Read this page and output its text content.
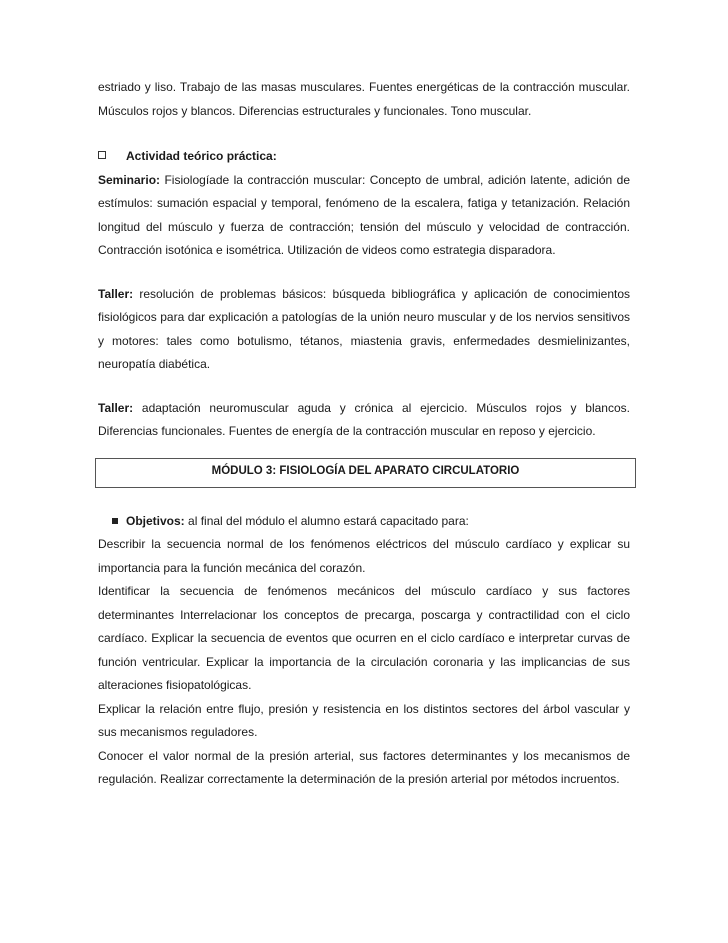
estriado y liso. Trabajo de las masas musculares. Fuentes energéticas de la contracción muscular. Músculos rojos y blancos. Diferencias estructurales y funcionales. Tono muscular.

Actividad teórico práctica:

Seminario: Fisiologíade la contracción muscular: Concepto de umbral, adición latente, adición de estímulos: sumación espacial y temporal, fenómeno de la escalera, fatiga y tetanización. Relación longitud del músculo y fuerza de contracción; tensión del músculo y velocidad de contracción. Contracción isotónica e isométrica. Utilización de videos como estrategia disparadora.

Taller: resolución de problemas básicos: búsqueda bibliográfica y aplicación de conocimientos fisiológicos para dar explicación a patologías de la unión neuro muscular y de los nervios sensitivos y motores: tales como botulismo, tétanos, miastenia gravis, enfermedades desmielinizantes, neuropatía diabética.

Taller: adaptación neuromuscular aguda y crónica al ejercicio. Músculos rojos y blancos. Diferencias funcionales. Fuentes de energía de la contracción muscular en reposo y ejercicio.

MÓDULO 3: FISIOLOGÍA DEL APARATO CIRCULATORIO
Objetivos: al final del módulo el alumno estará capacitado para:

Describir la secuencia normal de los fenómenos eléctricos del músculo cardíaco y explicar su importancia para la función mecánica del corazón.

Identificar la secuencia de fenómenos mecánicos del músculo cardíaco y sus factores determinantes Interrelacionar los conceptos de precarga, poscarga y contractilidad con el ciclo cardíaco. Explicar la secuencia de eventos que ocurren en el ciclo cardíaco e interpretar curvas de función ventricular. Explicar la importancia de la circulación coronaria y las implicancias de sus alteraciones fisiopatológicas.

Explicar la relación entre flujo, presión y resistencia en los distintos sectores del árbol vascular y sus mecanismos reguladores.

Conocer el valor normal de la presión arterial, sus factores determinantes y los mecanismos de regulación. Realizar correctamente la determinación de la presión arterial por métodos incruentos.
